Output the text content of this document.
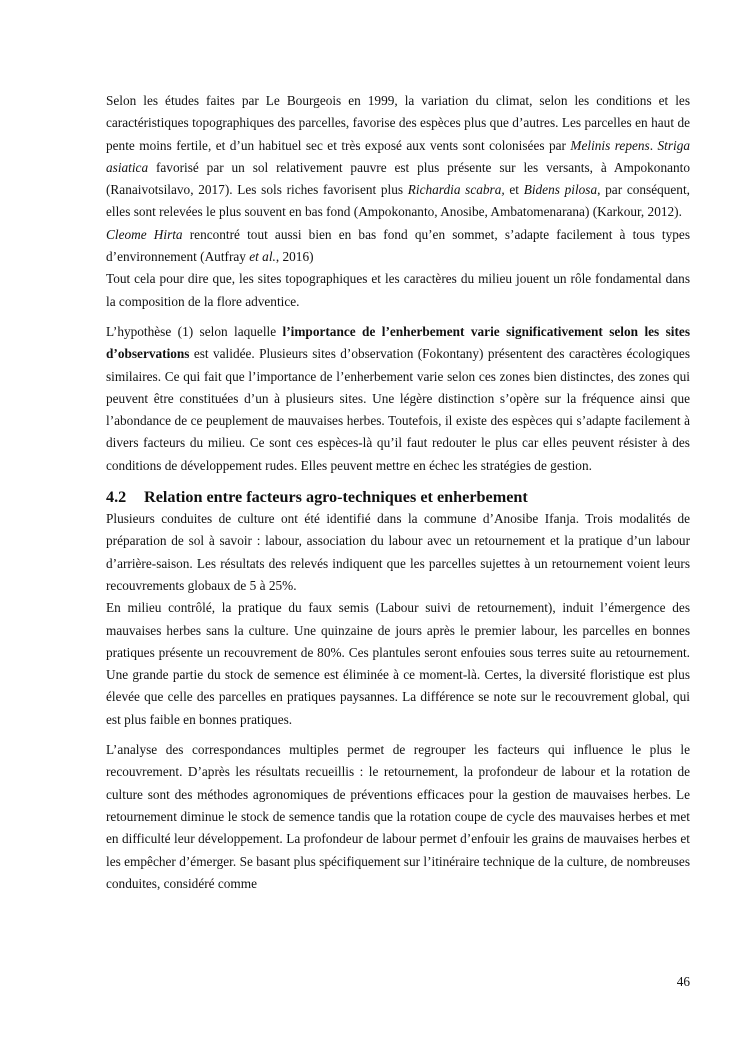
Selon les études faites par Le Bourgeois en 1999, la variation du climat, selon les conditions et les caractéristiques topographiques des parcelles, favorise des espèces plus que d’autres. Les parcelles en haut de pente moins fertile, et d’un habituel sec et très exposé aux vents sont colonisées par Melinis repens. Striga asiatica favorisé par un sol relativement pauvre est plus présente sur les versants, à Ampokonanto (Ranaivotsilavo, 2017). Les sols riches favorisent plus Richardia scabra, et Bidens pilosa, par conséquent, elles sont relevées le plus souvent en bas fond (Ampokonanto, Anosibe, Ambatomenarana) (Karkour, 2012).

Cleome Hirta rencontré tout aussi bien en bas fond qu’en sommet, s’adapte facilement à tous types d’environnement (Autfray et al., 2016)

Tout cela pour dire que, les sites topographiques et les caractères du milieu jouent un rôle fondamental dans la composition de la flore adventice.

L’hypothèse (1) selon laquelle l’importance de l’enherbement varie significativement selon les sites d’observations est validée. Plusieurs sites d’observation (Fokontany) présentent des caractères écologiques similaires. Ce qui fait que l’importance de l’enherbement varie selon ces zones bien distinctes, des zones qui peuvent être constituées d’un à plusieurs sites. Une légère distinction s’opère sur la fréquence ainsi que l’abondance de ce peuplement de mauvaises herbes. Toutefois, il existe des espèces qui s’adapte facilement à divers facteurs du milieu. Ce sont ces espèces-là qu’il faut redouter le plus car elles peuvent résister à des conditions de développement rudes. Elles peuvent mettre en échec les stratégies de gestion.

4.2 Relation entre facteurs agro-techniques et enherbement

Plusieurs conduites de culture ont été identifié dans la commune d’Anosibe Ifanja. Trois modalités de préparation de sol à savoir : labour, association du labour avec un retournement et la pratique d’un labour d’arrière-saison. Les résultats des relevés indiquent que les parcelles sujettes à un retournement voient leurs recouvrements globaux de 5 à 25%.

En milieu contrôlé, la pratique du faux semis (Labour suivi de retournement), induit l’émergence des mauvaises herbes sans la culture. Une quinzaine de jours après le premier labour, les parcelles en bonnes pratiques présente un recouvrement de 80%. Ces plantules seront enfouies sous terres suite au retournement. Une grande partie du stock de semence est éliminée à ce moment-là. Certes, la diversité floristique est plus élevée que celle des parcelles en pratiques paysannes. La différence se note sur le recouvrement global, qui est plus faible en bonnes pratiques.

L’analyse des correspondances multiples permet de regrouper les facteurs qui influence le plus le recouvrement. D’après les résultats recueillis : le retournement, la profondeur de labour et la rotation de culture sont des méthodes agronomiques de préventions efficaces pour la gestion de mauvaises herbes. Le retournement diminue le stock de semence tandis que la rotation coupe de cycle des mauvaises herbes et met en difficulté leur développement. La profondeur de labour permet d’enfouir les grains de mauvaises herbes et les empêcher d’émerger. Se basant plus spécifiquement sur l’itinéraire technique de la culture, de nombreuses conduites, considéré comme

46
